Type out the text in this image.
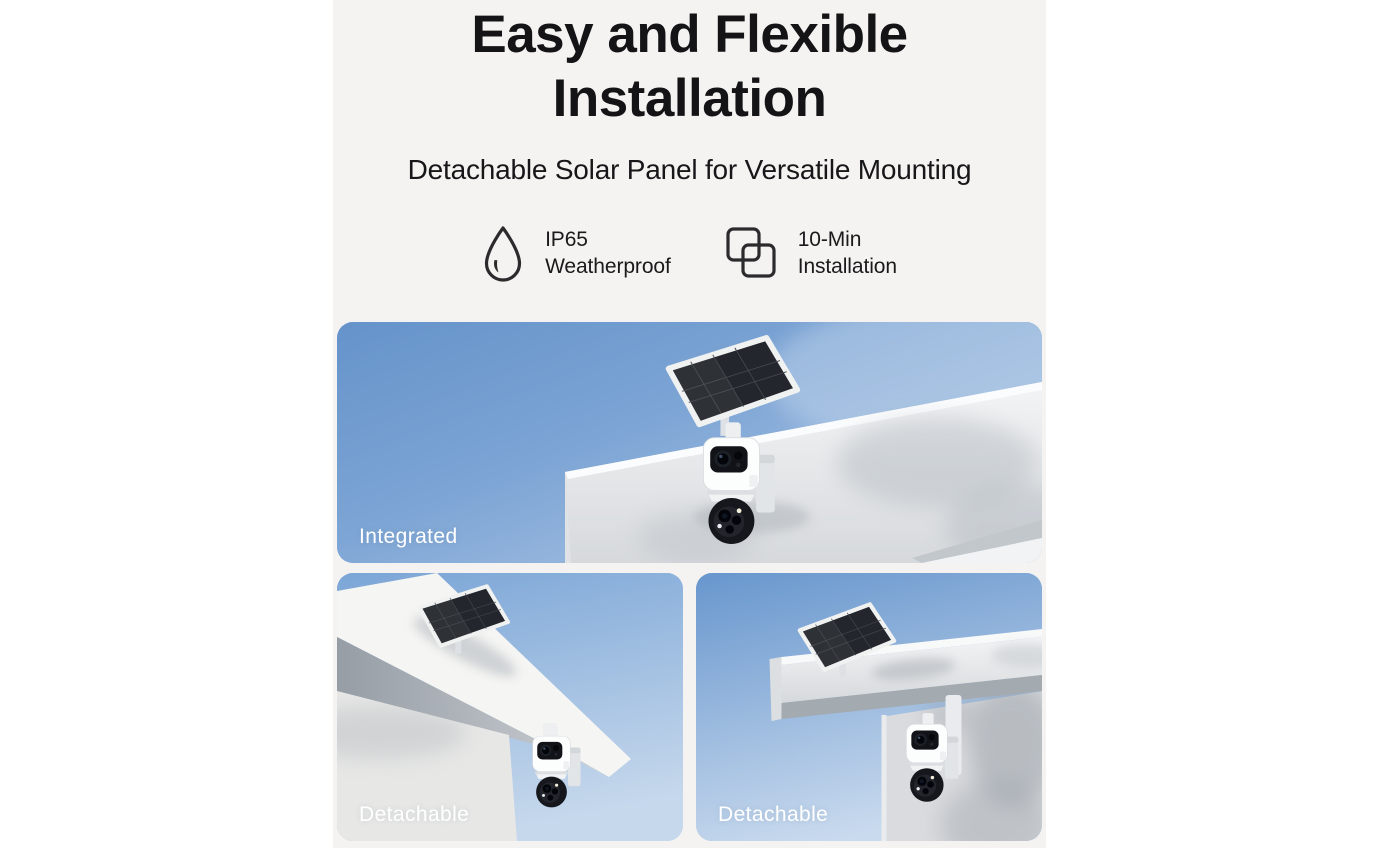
Easy and Flexible
Installation
Detachable Solar Panel for Versatile Mounting
IP65
Weatherproof
10-Min
Installation
Integrated
Detachable	Detachable
